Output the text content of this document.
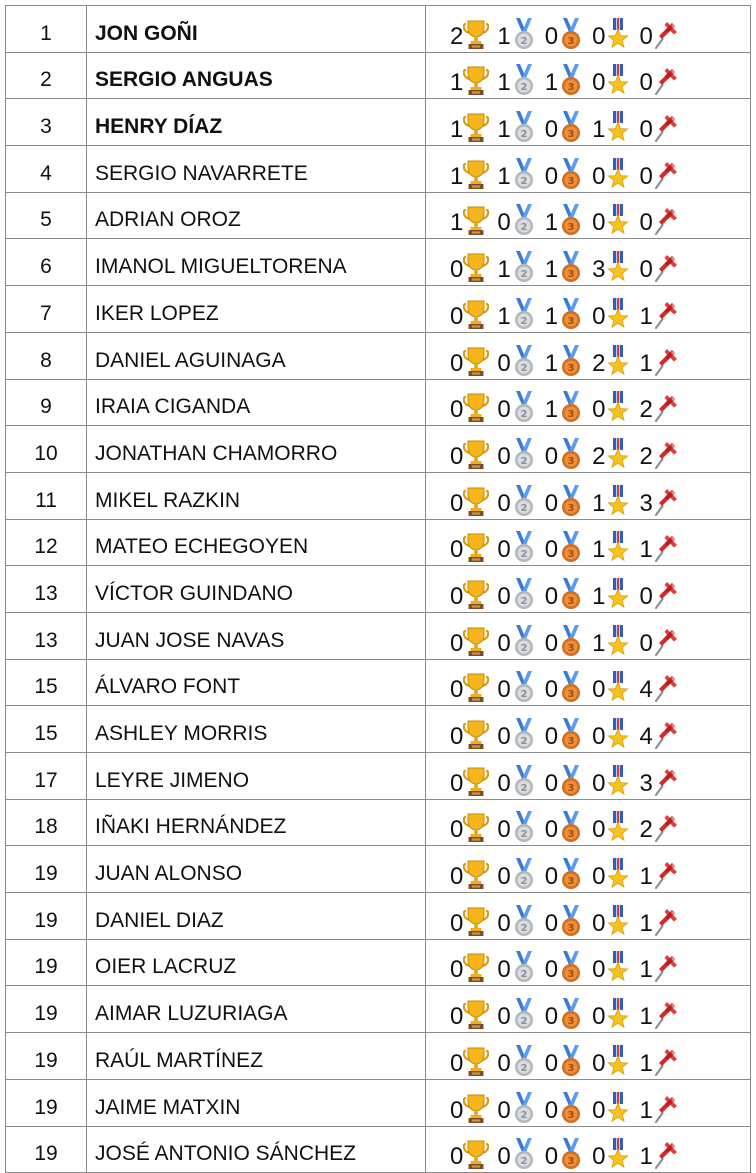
1	JON GOÑI	2 1 2 0 3 0 0
2	SERGIO ANGUAS	1 1 2 1 3 0 0
3	HENRY DÍAZ	1 1 2 0 3 1 0
4	SERGIO NAVARRETE	1 1 2 0 3 0 0
5	ADRIAN OROZ	1 0 2 1 3 0 0
6	IMANOL MIGUELTORENA	0 1 2 1 3 3 0
7	IKER LOPEZ	0 1 2 1 3 0 1
8	DANIEL AGUINAGA	0 0 2 1 3 2 1
9	IRAIA CIGANDA	0 0 2 1 3 0 2
10	JONATHAN CHAMORRO	0 0 2 0 3 2 2
11	MIKEL RAZKIN	0 0 2 0 3 1 3
12	MATEO ECHEGOYEN	0 0 2 0 3 1 1
13	VÍCTOR GUINDANO	0 0 2 0 3 1 0
13	JUAN JOSE NAVAS	0 0 2 0 3 1 0
15	ÁLVARO FONT	0 0 2 0 3 0 4
15	ASHLEY MORRIS	0 0 2 0 3 0 4
17	LEYRE JIMENO	0 0 2 0 3 0 3
18	IÑAKI HERNÁNDEZ	0 0 2 0 3 0 2
19	JUAN ALONSO	0 0 2 0 3 0 1
19	DANIEL DIAZ	0 0 2 0 3 0 1
19	OIER LACRUZ	0 0 2 0 3 0 1
19	AIMAR LUZURIAGA	0 0 2 0 3 0 1
19	RAÚL MARTÍNEZ	0 0 2 0 3 0 1
19	JAIME MATXIN	0 0 2 0 3 0 1
19	JOSÉ ANTONIO SÁNCHEZ	0 0 2 0 3 0 1
